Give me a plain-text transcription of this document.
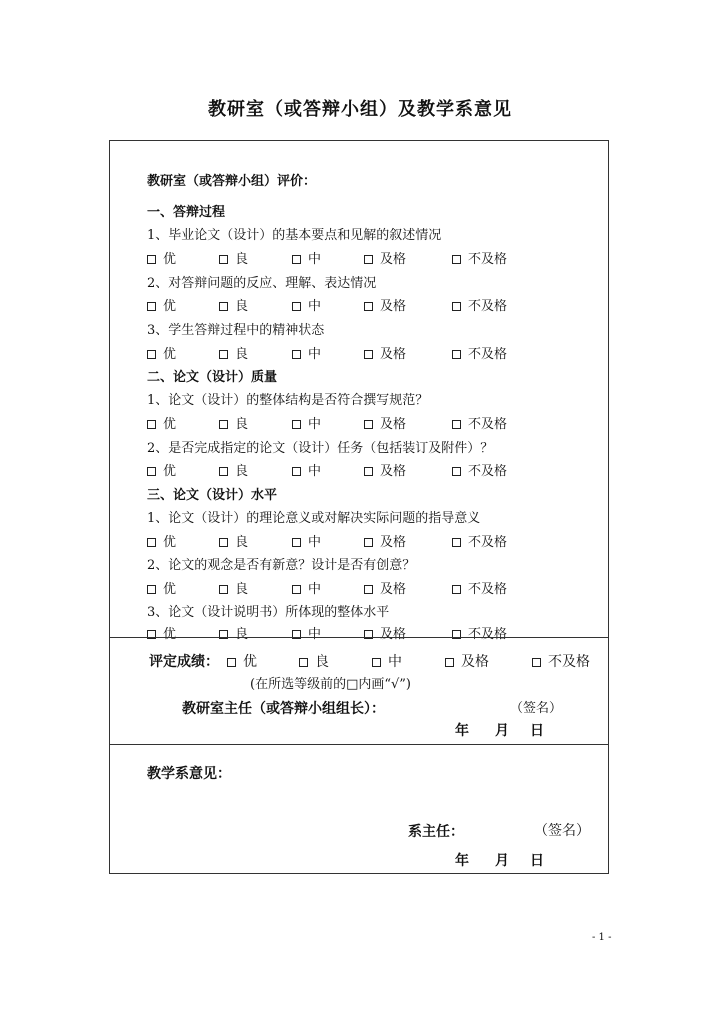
教研室（或答辩小组）及教学系意见
教研室（或答辩小组）评价：
一、答辩过程
1、毕业论文（设计）的基本要点和见解的叙述情况
优	良	中	及格	不及格
2、对答辩问题的反应、理解、表达情况
优	良	中	及格	不及格
3、学生答辩过程中的精神状态
优	良	中	及格	不及格
二、论文（设计）质量
1、论文（设计）的整体结构是否符合撰写规范？
优	良	中	及格	不及格
2、是否完成指定的论文（设计）任务（包括装订及附件）？
优	良	中	及格	不及格
三、论文（设计）水平
1、论文（设计）的理论意义或对解决实际问题的指导意义
优	良	中	及格	不及格
2、论文的观念是否有新意？设计是否有创意？
优	良	中	及格	不及格
3、论文（设计说明书）所体现的整体水平
优	良	中	及格	不及格
评定成绩：	优	良	中	及格	不及格
(在所选等级前的□内画“√”)
教研室主任（或答辩小组组长）：	（签名）
年 月 日
教学系意见：
系主任：	（签名）
年 月 日
- 1 -
